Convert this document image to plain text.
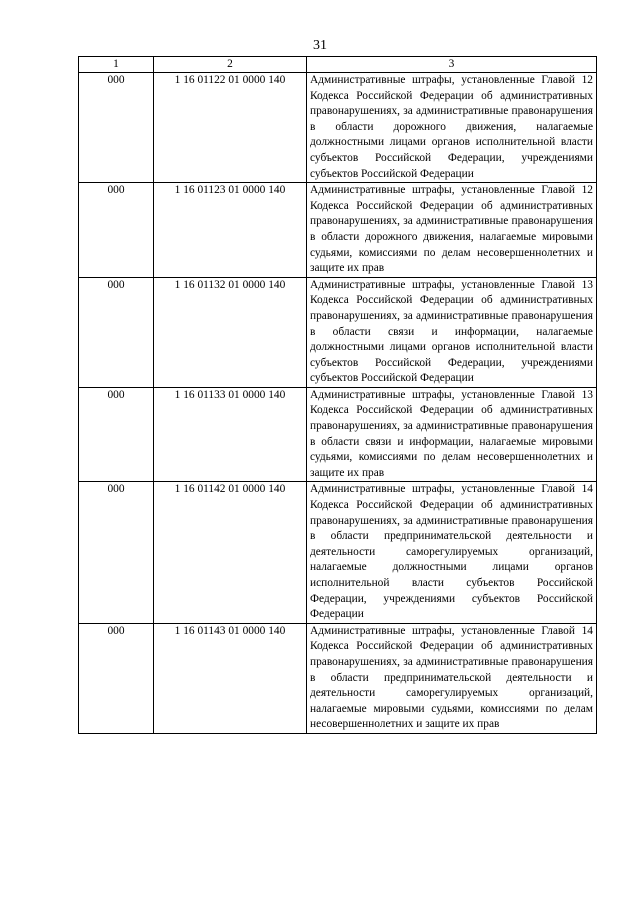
31
1	2	3
000	1 16 01122 01 0000 140	Административные штрафы, установленные Главой 12 Кодекса Российской Федерации об административных правонарушениях, за административные правонарушения в области дорожного движения, налагаемые должностными лицами органов исполнительной власти субъектов Российской Федерации, учреждениями субъектов Российской Федерации
000	1 16 01123 01 0000 140	Административные штрафы, установленные Главой 12 Кодекса Российской Федерации об административных правонарушениях, за административные правонарушения в области дорожного движения, налагаемые мировыми судьями, комиссиями по делам несовершеннолетних и защите их прав
000	1 16 01132 01 0000 140	Административные штрафы, установленные Главой 13 Кодекса Российской Федерации об административных правонарушениях, за административные правонарушения в области связи и информации, налагаемые должностными лицами органов исполнительной власти субъектов Российской Федерации, учреждениями субъектов Российской Федерации
000	1 16 01133 01 0000 140	Административные штрафы, установленные Главой 13 Кодекса Российской Федерации об административных правонарушениях, за административные правонарушения в области связи и информации, налагаемые мировыми судьями, комиссиями по делам несовершеннолетних и защите их прав
000	1 16 01142 01 0000 140	Административные штрафы, установленные Главой 14 Кодекса Российской Федерации об административных правонарушениях, за административные правонарушения в области предпринимательской деятельности и деятельности саморегулируемых организаций, налагаемые должностными лицами органов исполнительной власти субъектов Российской Федерации, учреждениями субъектов Российской Федерации
000	1 16 01143 01 0000 140	Административные штрафы, установленные Главой 14 Кодекса Российской Федерации об административных правонарушениях, за административные правонарушения в области предпринимательской деятельности и деятельности саморегулируемых организаций, налагаемые мировыми судьями, комиссиями по делам несовершеннолетних и защите их прав
